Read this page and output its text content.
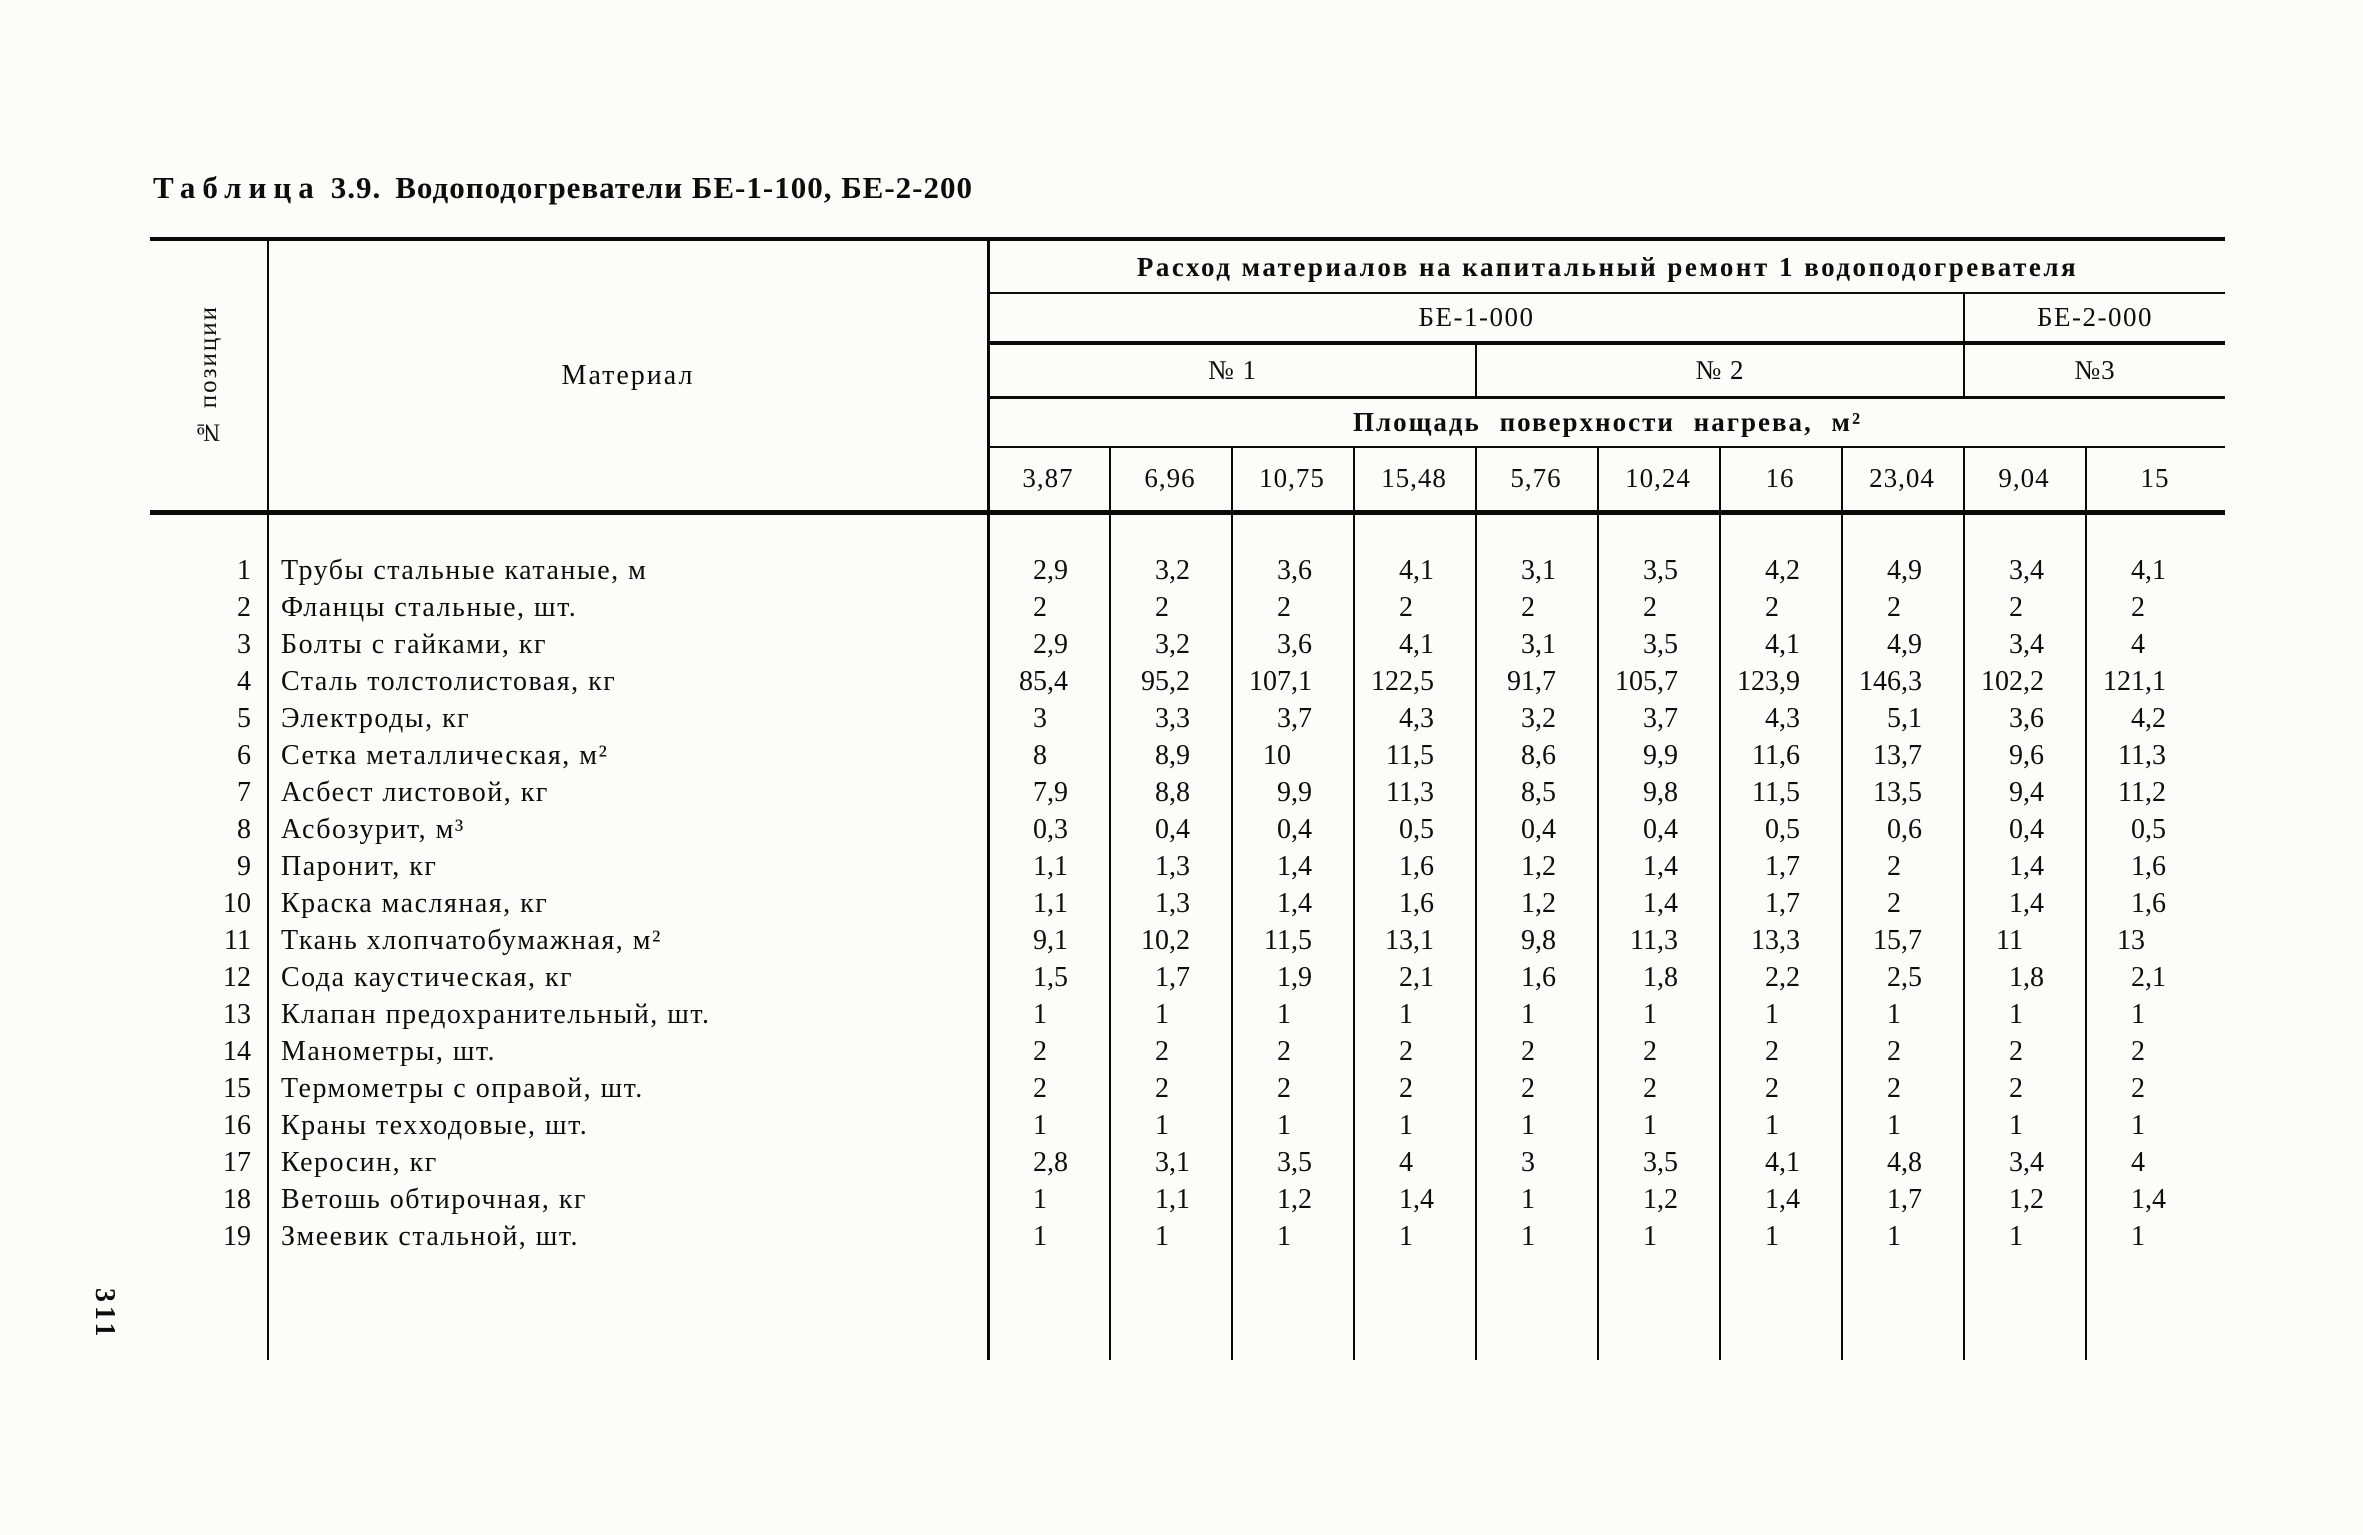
Таблица 3.9. Водоподогреватели БЕ-1-100, БЕ-2-200
№ позиции	Материал
Расход материалов на капитальный ремонт 1 водоподогревателя
БЕ-1-000	БЕ-2-000
№ 1	№ 2	№3
Площадь поверхности нагрева, м²
3,87	6,96	10,75	15,48	5,76	10,24	16	23,04	9,04	15
1	Трубы стальные катаные, м	2,9	3,2	3,6	4,1	3,1	3,5	4,2	4,9	3,4	4,1
2	Фланцы стальные, шт.	2	2	2	2	2	2	2	2	2	2
3	Болты с гайками, кг	2,9	3,2	3,6	4,1	3,1	3,5	4,1	4,9	3,4	4
4	Сталь толстолистовая, кг	85,4	95,2	107,1	122,5	91,7	105,7	123,9	146,3	102,2	121,1
5	Электроды, кг	3	3,3	3,7	4,3	3,2	3,7	4,3	5,1	3,6	4,2
6	Сетка металлическая, м²	8	8,9	10	11,5	8,6	9,9	11,6	13,7	9,6	11,3
7	Асбест листовой, кг	7,9	8,8	9,9	11,3	8,5	9,8	11,5	13,5	9,4	11,2
8	Асбозурит, м³	0,3	0,4	0,4	0,5	0,4	0,4	0,5	0,6	0,4	0,5
9	Паронит, кг	1,1	1,3	1,4	1,6	1,2	1,4	1,7	2	1,4	1,6
10	Краска масляная, кг	1,1	1,3	1,4	1,6	1,2	1,4	1,7	2	1,4	1,6
11	Ткань хлопчатобумажная, м²	9,1	10,2	11,5	13,1	9,8	11,3	13,3	15,7	11	13
12	Сода каустическая, кг	1,5	1,7	1,9	2,1	1,6	1,8	2,2	2,5	1,8	2,1
13	Клапан предохранительный, шт.	1	1	1	1	1	1	1	1	1	1
14	Манометры, шт.	2	2	2	2	2	2	2	2	2	2
15	Термометры с оправой, шт.	2	2	2	2	2	2	2	2	2	2
16	Краны техходовые, шт.	1	1	1	1	1	1	1	1	1	1
17	Керосин, кг	2,8	3,1	3,5	4	3	3,5	4,1	4,8	3,4	4
18	Ветошь обтирочная, кг	1	1,1	1,2	1,4	1	1,2	1,4	1,7	1,2	1,4
19	Змеевик стальной, шт.	1	1	1	1	1	1	1	1	1	1
311
